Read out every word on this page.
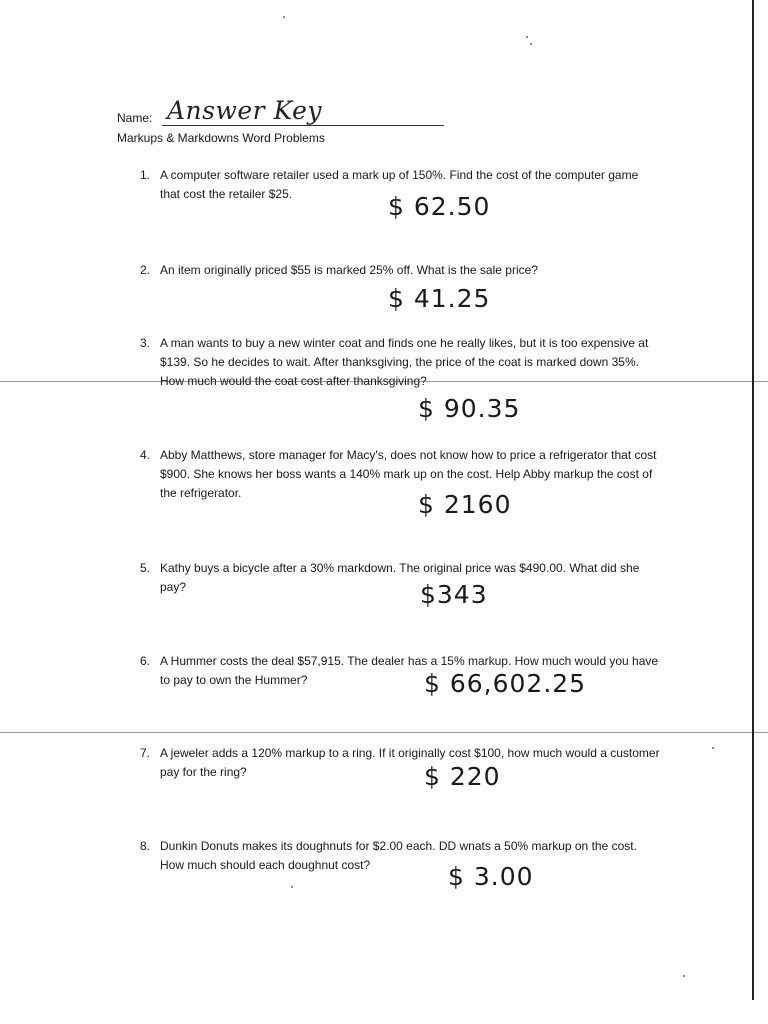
Name: Answer Key
Markups & Markdowns Word Problems
1. A computer software retailer used a mark up of 150%. Find the cost of the computer game that cost the retailer $25.	$ 62.50
2. An item originally priced $55 is marked 25% off. What is the sale price?
$ 41.25
3. A man wants to buy a new winter coat and finds one he really likes, but it is too expensive at $139. So he decides to wait. After thanksgiving, the price of the coat is marked down 35%. How much would the coat cost after thanksgiving?
$ 90.35
4. Abby Matthews, store manager for Macy's, does not know how to price a refrigerator that cost $900. She knows her boss wants a 140% mark up on the cost. Help Abby markup the cost of the refrigerator.	$ 2160
5. Kathy buys a bicycle after a 30% markdown. The original price was $490.00. What did she pay?	$343
6. A Hummer costs the deal $57,915. The dealer has a 15% markup. How much would you have to pay to own the Hummer?	$ 66,602.25
7. A jeweler adds a 120% markup to a ring. If it originally cost $100, how much would a customer pay for the ring?	$ 220
8. Dunkin Donuts makes its doughnuts for $2.00 each. DD wnats a 50% markup on the cost. How much should each doughnut cost?	$ 3.00
